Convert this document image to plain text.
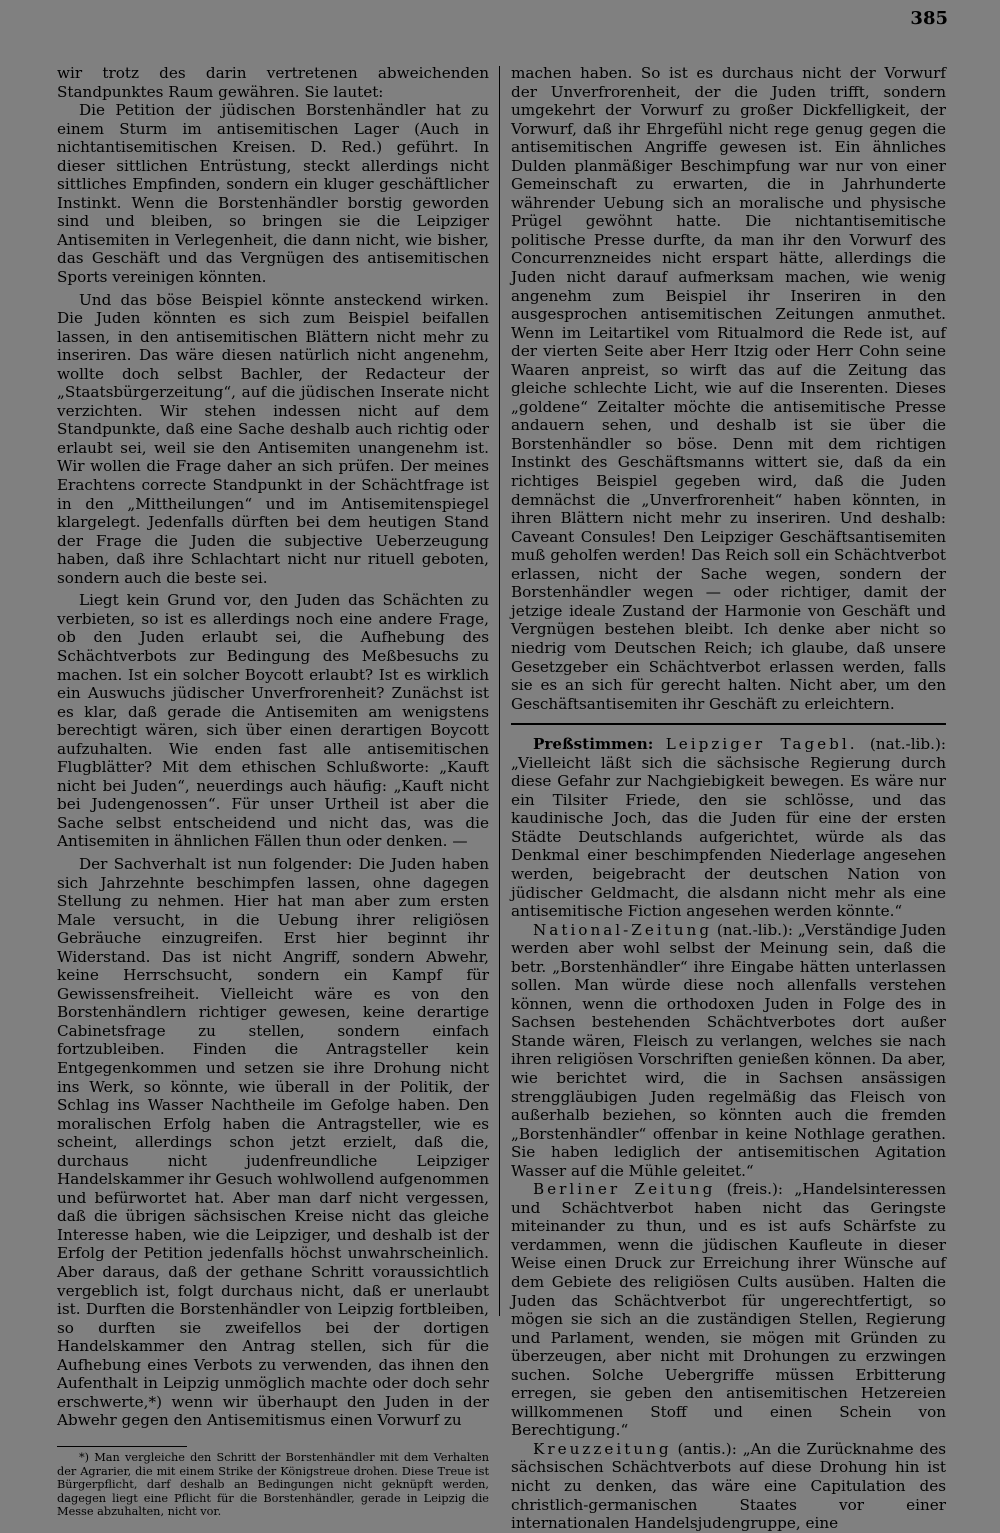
385

wir trotz des darin vertretenen abweichenden Standpunktes Raum gewähren. Sie lautet:

Die Petition der jüdischen Borstenhändler hat zu einem Sturm im antisemitischen Lager (Auch in nichtantisemitischen Kreisen. D. Red.) geführt. In dieser sittlichen Entrüstung, steckt allerdings nicht sittliches Empfinden, sondern ein kluger geschäftlicher Instinkt. Wenn die Borstenhändler borstig geworden sind und bleiben, so bringen sie die Leipziger Antisemiten in Verlegenheit, die dann nicht, wie bisher, das Geschäft und das Vergnügen des antisemitischen Sports vereinigen könnten.

Und das böse Beispiel könnte ansteckend wirken. Die Juden könnten es sich zum Beispiel beifallen lassen, in den antisemitischen Blättern nicht mehr zu inseriren. Das wäre diesen natürlich nicht angenehm, wollte doch selbst Bachler, der Redacteur der „Staatsbürgerzeitung“, auf die jüdischen Inserate nicht verzichten. Wir stehen indessen nicht auf dem Standpunkte, daß eine Sache deshalb auch richtig oder erlaubt sei, weil sie den Antisemiten unangenehm ist. Wir wollen die Frage daher an sich prüfen. Der meines Erachtens correcte Standpunkt in der Schächtfrage ist in den „Mittheilungen“ und im Antisemitenspiegel klargelegt. Jedenfalls dürften bei dem heutigen Stand der Frage die Juden die subjective Ueberzeugung haben, daß ihre Schlachtart nicht nur rituell geboten, sondern auch die beste sei.

Liegt kein Grund vor, den Juden das Schächten zu verbieten, so ist es allerdings noch eine andere Frage, ob den Juden erlaubt sei, die Aufhebung des Schächtverbots zur Bedingung des Meßbesuchs zu machen. Ist ein solcher Boycott erlaubt? Ist es wirklich ein Auswuchs jüdischer Unverfrorenheit? Zunächst ist es klar, daß gerade die Antisemiten am wenigstens berechtigt wären, sich über einen derartigen Boycott aufzuhalten. Wie enden fast alle antisemitischen Flugblätter? Mit dem ethischen Schlußworte: „Kauft nicht bei Juden“, neuerdings auch häufig: „Kauft nicht bei Judengenossen“. Für unser Urtheil ist aber die Sache selbst entscheidend und nicht das, was die Antisemiten in ähnlichen Fällen thun oder denken. —

Der Sachverhalt ist nun folgender: Die Juden haben sich Jahrzehnte beschimpfen lassen, ohne dagegen Stellung zu nehmen. Hier hat man aber zum ersten Male versucht, in die Uebung ihrer religiösen Gebräuche einzugreifen. Erst hier beginnt ihr Widerstand. Das ist nicht Angriff, sondern Abwehr, keine Herrschsucht, sondern ein Kampf für Gewissensfreiheit. Vielleicht wäre es von den Borstenhändlern richtiger gewesen, keine derartige Cabinetsfrage zu stellen, sondern einfach fortzubleiben. Finden die Antragsteller kein Entgegenkommen und setzen sie ihre Drohung nicht ins Werk, so könnte, wie überall in der Politik, der Schlag ins Wasser Nachtheile im Gefolge haben. Den moralischen Erfolg haben die Antragsteller, wie es scheint, allerdings schon jetzt erzielt, daß die, durchaus nicht judenfreundliche Leipziger Handelskammer ihr Gesuch wohlwollend aufgenommen und befürwortet hat. Aber man darf nicht vergessen, daß die übrigen sächsischen Kreise nicht das gleiche Interesse haben, wie die Leipziger, und deshalb ist der Erfolg der Petition jedenfalls höchst unwahrscheinlich. Aber daraus, daß der gethane Schritt voraussichtlich vergeblich ist, folgt durchaus nicht, daß er unerlaubt ist. Durften die Borstenhändler von Leipzig fortbleiben, so durften sie zweifellos bei der dortigen Handelskammer den Antrag stellen, sich für die Aufhebung eines Verbots zu verwenden, das ihnen den Aufenthalt in Leipzig unmöglich machte oder doch sehr erschwerte,*) wenn wir überhaupt den Juden in der Abwehr gegen den Antisemitismus einen Vorwurf zu

*) Man vergleiche den Schritt der Borstenhändler mit dem Verhalten der Agrarier, die mit einem Strike der Königstreue drohen. Diese Treue ist Bürgerpflicht, darf deshalb an Bedingungen nicht geknüpft werden, dagegen liegt eine Pflicht für die Borstenhändler, gerade in Leipzig die Messe abzuhalten, nicht vor.

machen haben. So ist es durchaus nicht der Vorwurf der Unverfrorenheit, der die Juden trifft, sondern umgekehrt der Vorwurf zu großer Dickfelligkeit, der Vorwurf, daß ihr Ehrgefühl nicht rege genug gegen die antisemitischen Angriffe gewesen ist. Ein ähnliches Dulden planmäßiger Beschimpfung war nur von einer Gemeinschaft zu erwarten, die in Jahrhunderte währender Uebung sich an moralische und physische Prügel gewöhnt hatte. Die nichtantisemitische politische Presse durfte, da man ihr den Vorwurf des Concurrenzneides nicht erspart hätte, allerdings die Juden nicht darauf aufmerksam machen, wie wenig angenehm zum Beispiel ihr Inseriren in den ausgesprochen antisemitischen Zeitungen anmuthet. Wenn im Leitartikel vom Ritualmord die Rede ist, auf der vierten Seite aber Herr Itzig oder Herr Cohn seine Waaren anpreist, so wirft das auf die Zeitung das gleiche schlechte Licht, wie auf die Inserenten. Dieses „goldene“ Zeitalter möchte die antisemitische Presse andauern sehen, und deshalb ist sie über die Borstenhändler so böse. Denn mit dem richtigen Instinkt des Geschäftsmanns wittert sie, daß da ein richtiges Beispiel gegeben wird, daß die Juden demnächst die „Unverfrorenheit“ haben könnten, in ihren Blättern nicht mehr zu inseriren. Und deshalb: Caveant Consules! Den Leipziger Geschäftsantisemiten muß geholfen werden! Das Reich soll ein Schächtverbot erlassen, nicht der Sache wegen, sondern der Borstenhändler wegen — oder richtiger, damit der jetzige ideale Zustand der Harmonie von Geschäft und Vergnügen bestehen bleibt. Ich denke aber nicht so niedrig vom Deutschen Reich; ich glaube, daß unsere Gesetzgeber ein Schächtverbot erlassen werden, falls sie es an sich für gerecht halten. Nicht aber, um den Geschäftsantisemiten ihr Geschäft zu erleichtern.

Preßstimmen: Leipziger Tagebl. (nat.-lib.): „Vielleicht läßt sich die sächsische Regierung durch diese Gefahr zur Nachgiebigkeit bewegen. Es wäre nur ein Tilsiter Friede, den sie schlösse, und das kaudinische Joch, das die Juden für eine der ersten Städte Deutschlands aufgerichtet, würde als das Denkmal einer beschimpfenden Niederlage angesehen werden, beigebracht der deutschen Nation von jüdischer Geldmacht, die alsdann nicht mehr als eine antisemitische Fiction angesehen werden könnte.“

National-Zeitung (nat.-lib.): „Verständige Juden werden aber wohl selbst der Meinung sein, daß die betr. „Borstenhändler“ ihre Eingabe hätten unterlassen sollen. Man würde diese noch allenfalls verstehen können, wenn die orthodoxen Juden in Folge des in Sachsen bestehenden Schächtverbotes dort außer Stande wären, Fleisch zu verlangen, welches sie nach ihren religiösen Vorschriften genießen können. Da aber, wie berichtet wird, die in Sachsen ansässigen strenggläubigen Juden regelmäßig das Fleisch von außerhalb beziehen, so könnten auch die fremden „Borstenhändler“ offenbar in keine Nothlage gerathen. Sie haben lediglich der antisemitischen Agitation Wasser auf die Mühle geleitet.“

Berliner Zeitung (freis.): „Handelsinteressen und Schächtverbot haben nicht das Geringste miteinander zu thun, und es ist aufs Schärfste zu verdammen, wenn die jüdischen Kaufleute in dieser Weise einen Druck zur Erreichung ihrer Wünsche auf dem Gebiete des religiösen Cults ausüben. Halten die Juden das Schächtverbot für ungerechtfertigt, so mögen sie sich an die zuständigen Stellen, Regierung und Parlament, wenden, sie mögen mit Gründen zu überzeugen, aber nicht mit Drohungen zu erzwingen suchen. Solche Uebergriffe müssen Erbitterung erregen, sie geben den antisemitischen Hetzereien willkommenen Stoff und einen Schein von Berechtigung.“

Kreuzzeitung (antis.): „An die Zurücknahme des sächsischen Schächtverbots auf diese Drohung hin ist nicht zu denken, das wäre eine Capitulation des christlich-germanischen Staates vor einer internationalen Handelsjudengruppe, eine
